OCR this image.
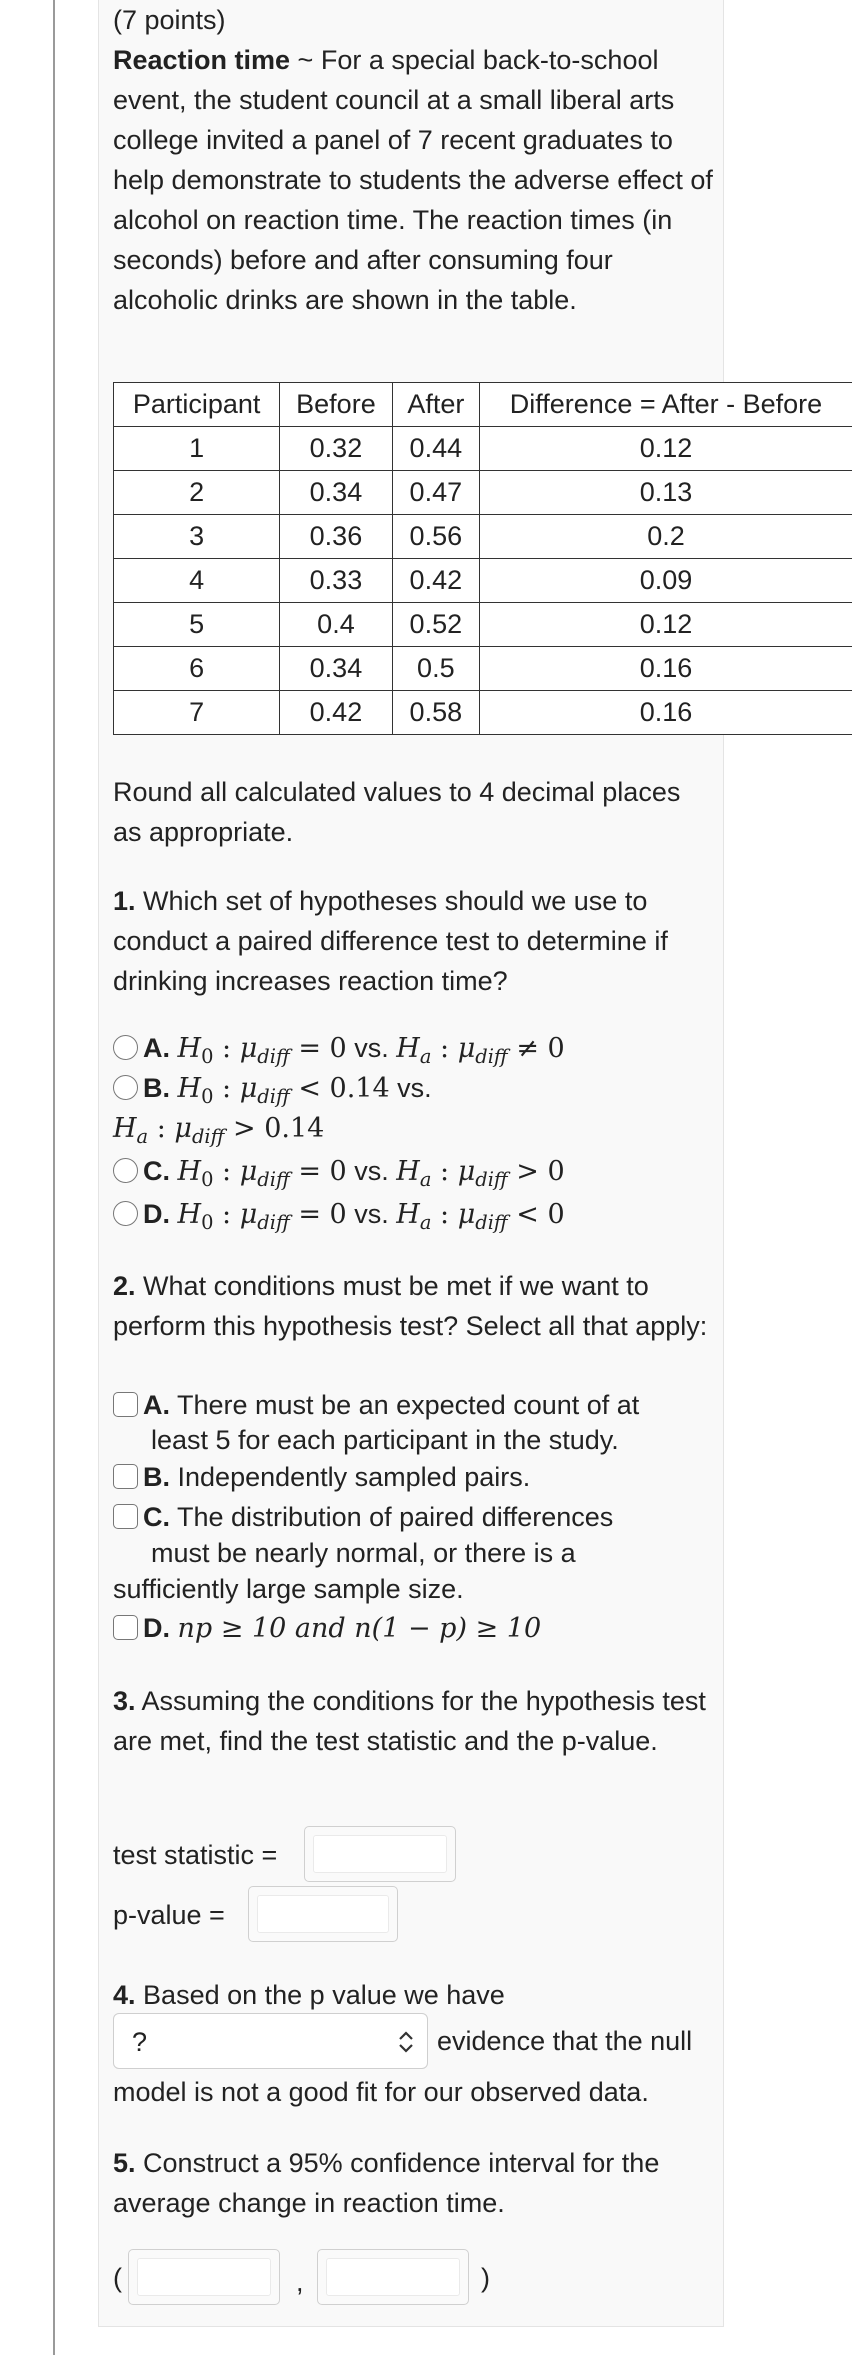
(7 points)
Reaction time ~ For a special back-to-school event, the student council at a small liberal arts college invited a panel of 7 recent graduates to help demonstrate to students the adverse effect of alcohol on reaction time. The reaction times (in seconds) before and after consuming four alcoholic drinks are shown in the table.
Participant	Before	After	Difference = After - Before
1	0.32	0.44	0.12
2	0.34	0.47	0.13
3	0.36	0.56	0.2
4	0.33	0.42	0.09
5	0.4	0.52	0.12
6	0.34	0.5	0.16
7	0.42	0.58	0.16
Round all calculated values to 4 decimal places as appropriate.
1. Which set of hypotheses should we use to conduct a paired difference test to determine if drinking increases reaction time?
A. $H_0$ : $\mu_{diff} = 0$ vs. $H_a$ : $\mu_{diff} \ne 0$
B. $H_0$ : $\mu_{diff} < 0.14$ vs.
$H_a$ : $\mu_{diff} > 0.14$
C. $H_0$ : $\mu_{diff} = 0$ vs. $H_a$ : $\mu_{diff} > 0$
D. $H_0$ : $\mu_{diff} = 0$ vs. $H_a$ : $\mu_{diff} < 0$
2. What conditions must be met if we want to perform this hypothesis test? Select all that apply:
A. There must be an expected count of at
least 5 for each participant in the study.
B. Independently sampled pairs.
C. The distribution of paired differences
must be nearly normal, or there is a
sufficiently large sample size.
D. np ≥ 10 and n(1 − p) ≥ 10
3. Assuming the conditions for the hypothesis test are met, find the test statistic and the p-value.
test statistic =
p-value =
4. Based on the p value we have
?	evidence that the null
model is not a good fit for our observed data.
5. Construct a 95% confidence interval for the average change in reaction time.
(	,	)
